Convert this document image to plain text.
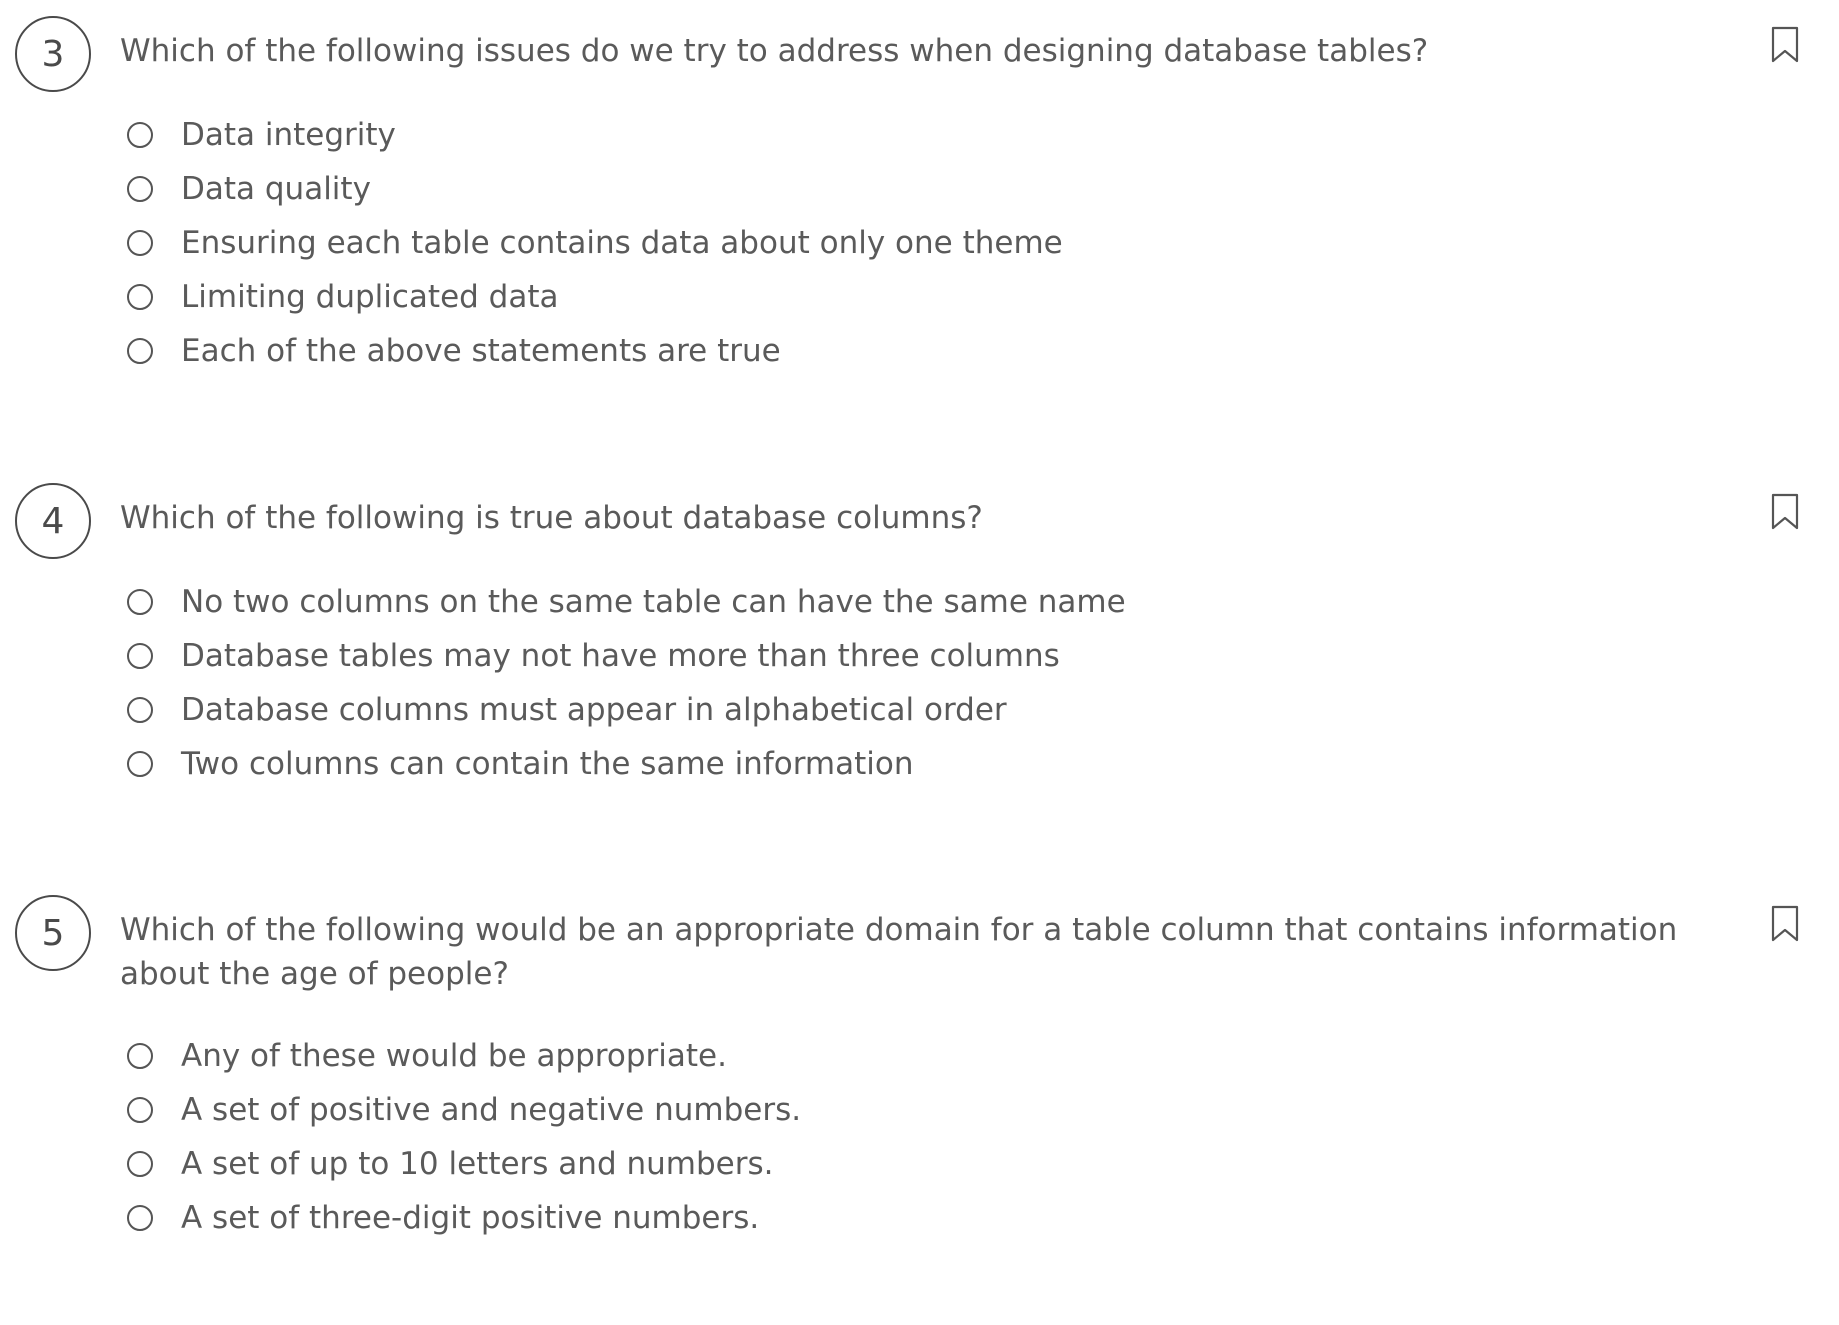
3	Which of the following issues do we try to address when designing database tables?
Data integrity
Data quality
Ensuring each table contains data about only one theme
Limiting duplicated data
Each of the above statements are true
4	Which of the following is true about database columns?
No two columns on the same table can have the same name
Database tables may not have more than three columns
Database columns must appear in alphabetical order
Two columns can contain the same information
5	Which of the following would be an appropriate domain for a table column that contains information about the age of people?
Any of these would be appropriate.
A set of positive and negative numbers.
A set of up to 10 letters and numbers.
A set of three-digit positive numbers.
